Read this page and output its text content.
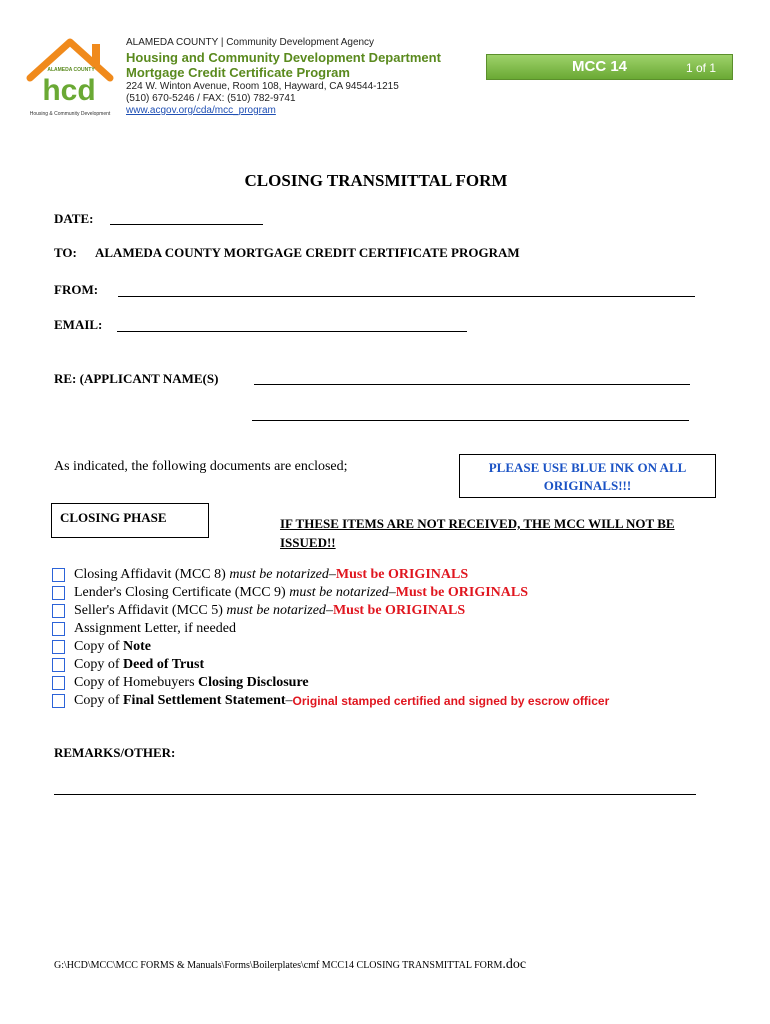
ALAMEDA COUNTY
hcd
Housing & Community Development
ALAMEDA COUNTY | Community Development Agency
Housing and Community Development Department
Mortgage Credit Certificate Program
224 W. Winton Avenue, Room 108, Hayward, CA 94544-1215
(510) 670-5246 / FAX: (510) 782-9741
www.acgov.org/cda/mcc_program
MCC 14	1 of 1
CLOSING TRANSMITTAL FORM
DATE:
TO: ALAMEDA COUNTY MORTGAGE CREDIT CERTIFICATE PROGRAM
FROM:
EMAIL:
RE: (APPLICANT NAME(S)
As indicated, the following documents are enclosed;	PLEASE USE BLUE INK ON ALL ORIGINALS!!!
CLOSING PHASE	IF THESE ITEMS ARE NOT RECEIVED, THE MCC WILL NOT BE ISSUED!!
Closing Affidavit (MCC 8)
must be notarized – Must be ORIGINALS
Lender's Closing Certificate (MCC 9)
must be notarized – Must be ORIGINALS
Seller's Affidavit (MCC 5)
must be notarized – Must be ORIGINALS
Assignment Letter, if needed
Copy of
Note
Copy of
Deed of Trust
Copy of Homebuyers
Closing Disclosure
Copy of
Final Settlement Statement – Original stamped certified and signed by escrow officer
REMARKS/OTHER:
G:\HCD\MCC\MCC FORMS & Manuals\Forms\Boilerplates\cmf MCC14 CLOSING TRANSMITTAL FORM.doc
